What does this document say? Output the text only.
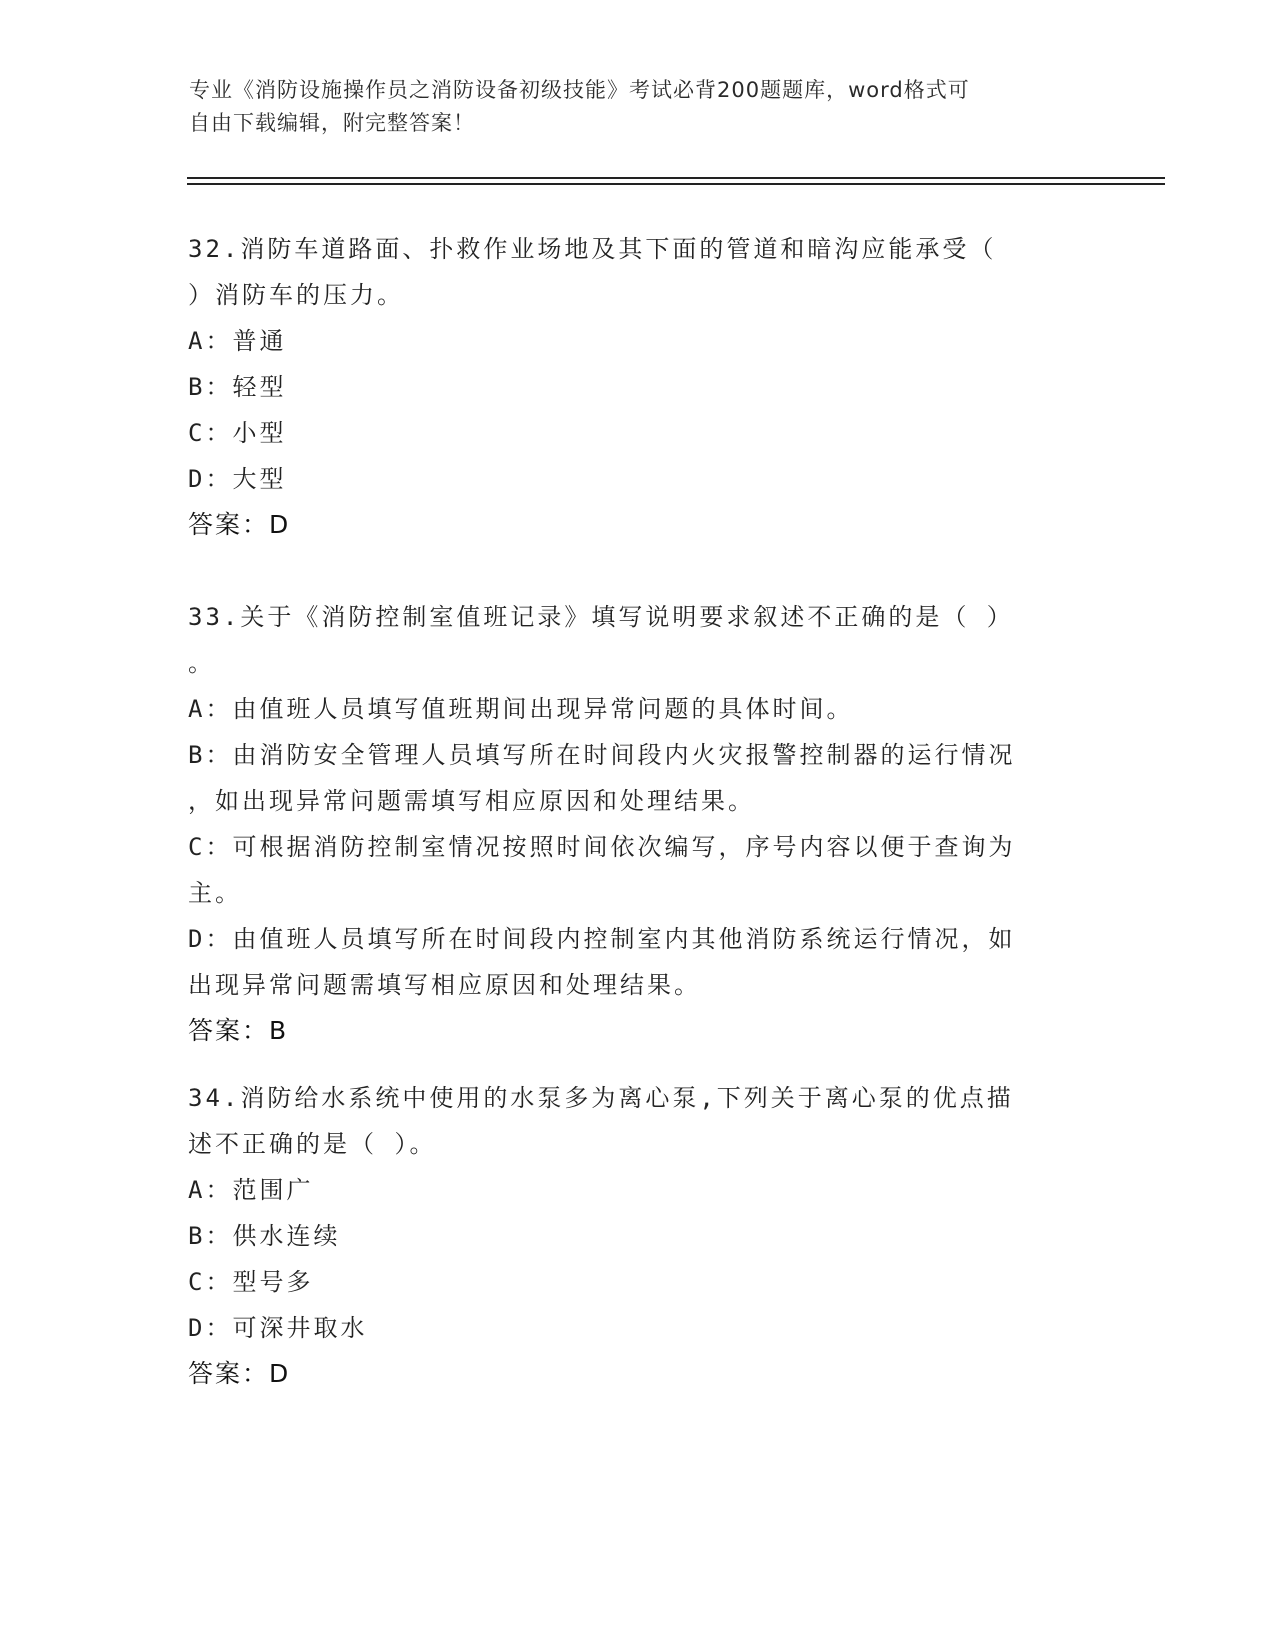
专业《消防设施操作员之消防设备初级技能》考试必背200题题库，word格式可
自由下载编辑，附完整答案！
32.消防车道路面、扑救作业场地及其下面的管道和暗沟应能承受（
）消防车的压力。
A：普通
B：轻型
C：小型
D：大型
答案：D
33.关于《消防控制室值班记录》填写说明要求叙述不正确的是（ ）
。
A：由值班人员填写值班期间出现异常问题的具体时间。
B：由消防安全管理人员填写所在时间段内火灾报警控制器的运行情况
，如出现异常问题需填写相应原因和处理结果。
C：可根据消防控制室情况按照时间依次编写，序号内容以便于查询为
主。
D：由值班人员填写所在时间段内控制室内其他消防系统运行情况，如
出现异常问题需填写相应原因和处理结果。
答案：B
34.消防给水系统中使用的水泵多为离心泵,下列关于离心泵的优点描
述不正确的是（ ）。
A：范围广
B：供水连续
C：型号多
D：可深井取水
答案：D
